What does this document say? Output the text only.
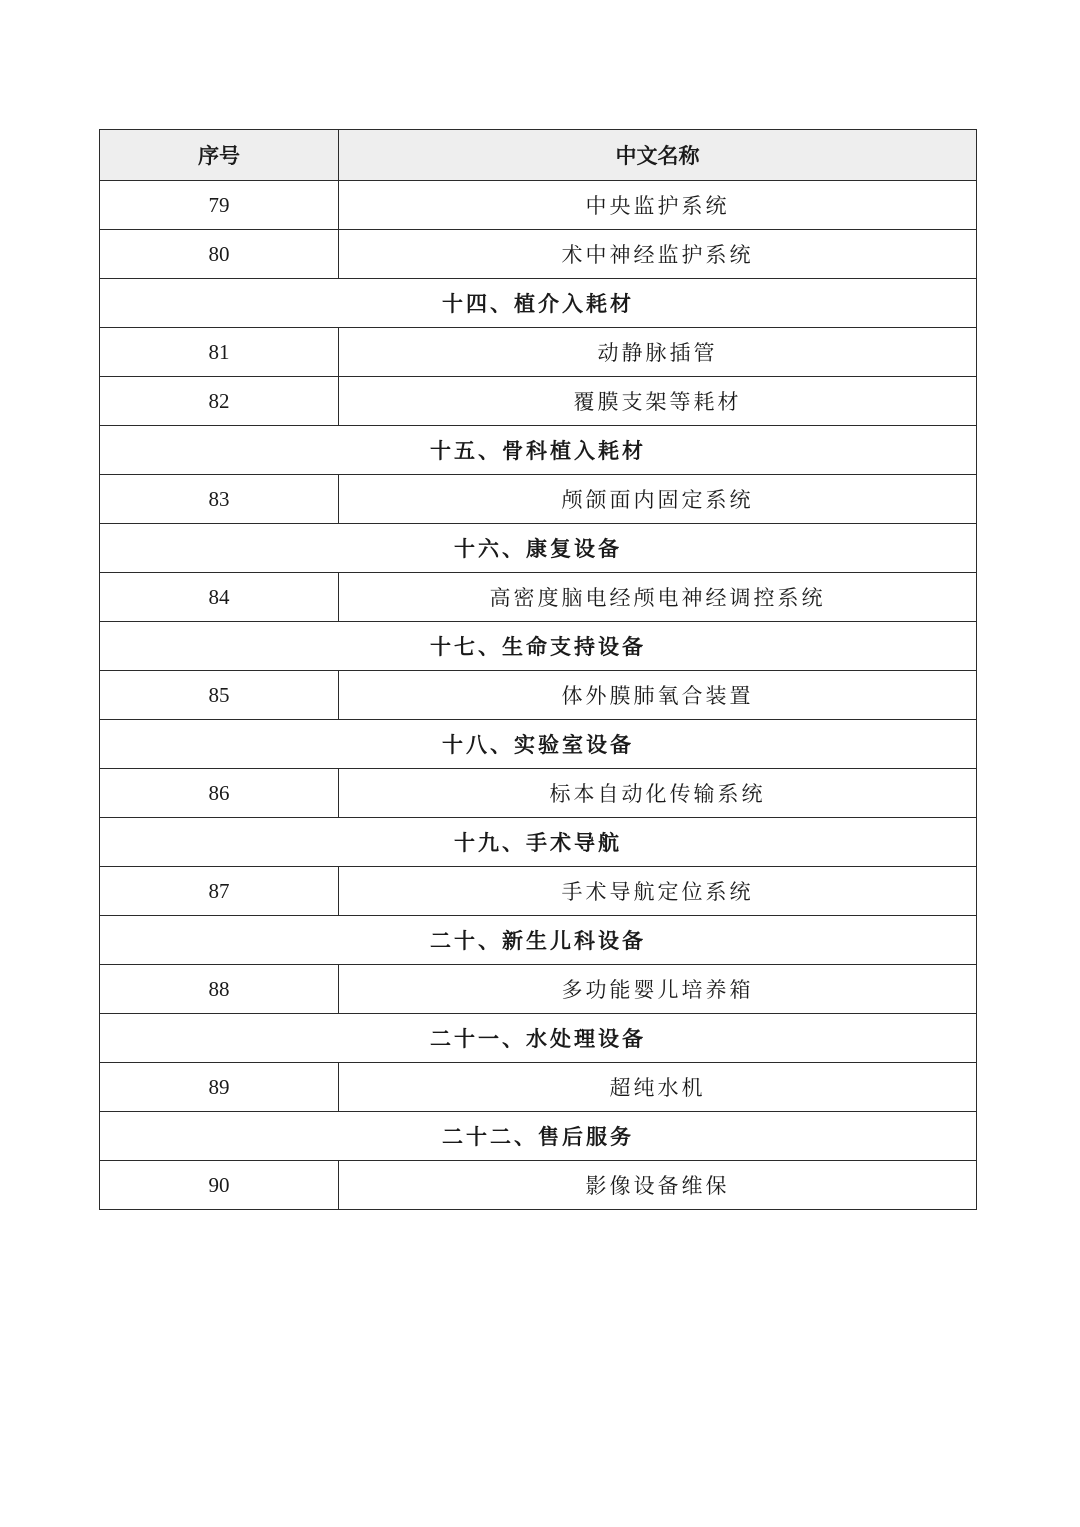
序号	中文名称
79	中央监护系统
80	术中神经监护系统
十四、植介入耗材	
81	动静脉插管
82	覆膜支架等耗材
十五、骨科植入耗材	
83	颅颌面内固定系统
十六、康复设备	
84	高密度脑电经颅电神经调控系统
十七、生命支持设备	
85	体外膜肺氧合装置
十八、实验室设备	
86	标本自动化传输系统
十九、手术导航	
87	手术导航定位系统
二十、新生儿科设备	
88	多功能婴儿培养箱
二十一、水处理设备	
89	超纯水机
二十二、售后服务	
90	影像设备维保
